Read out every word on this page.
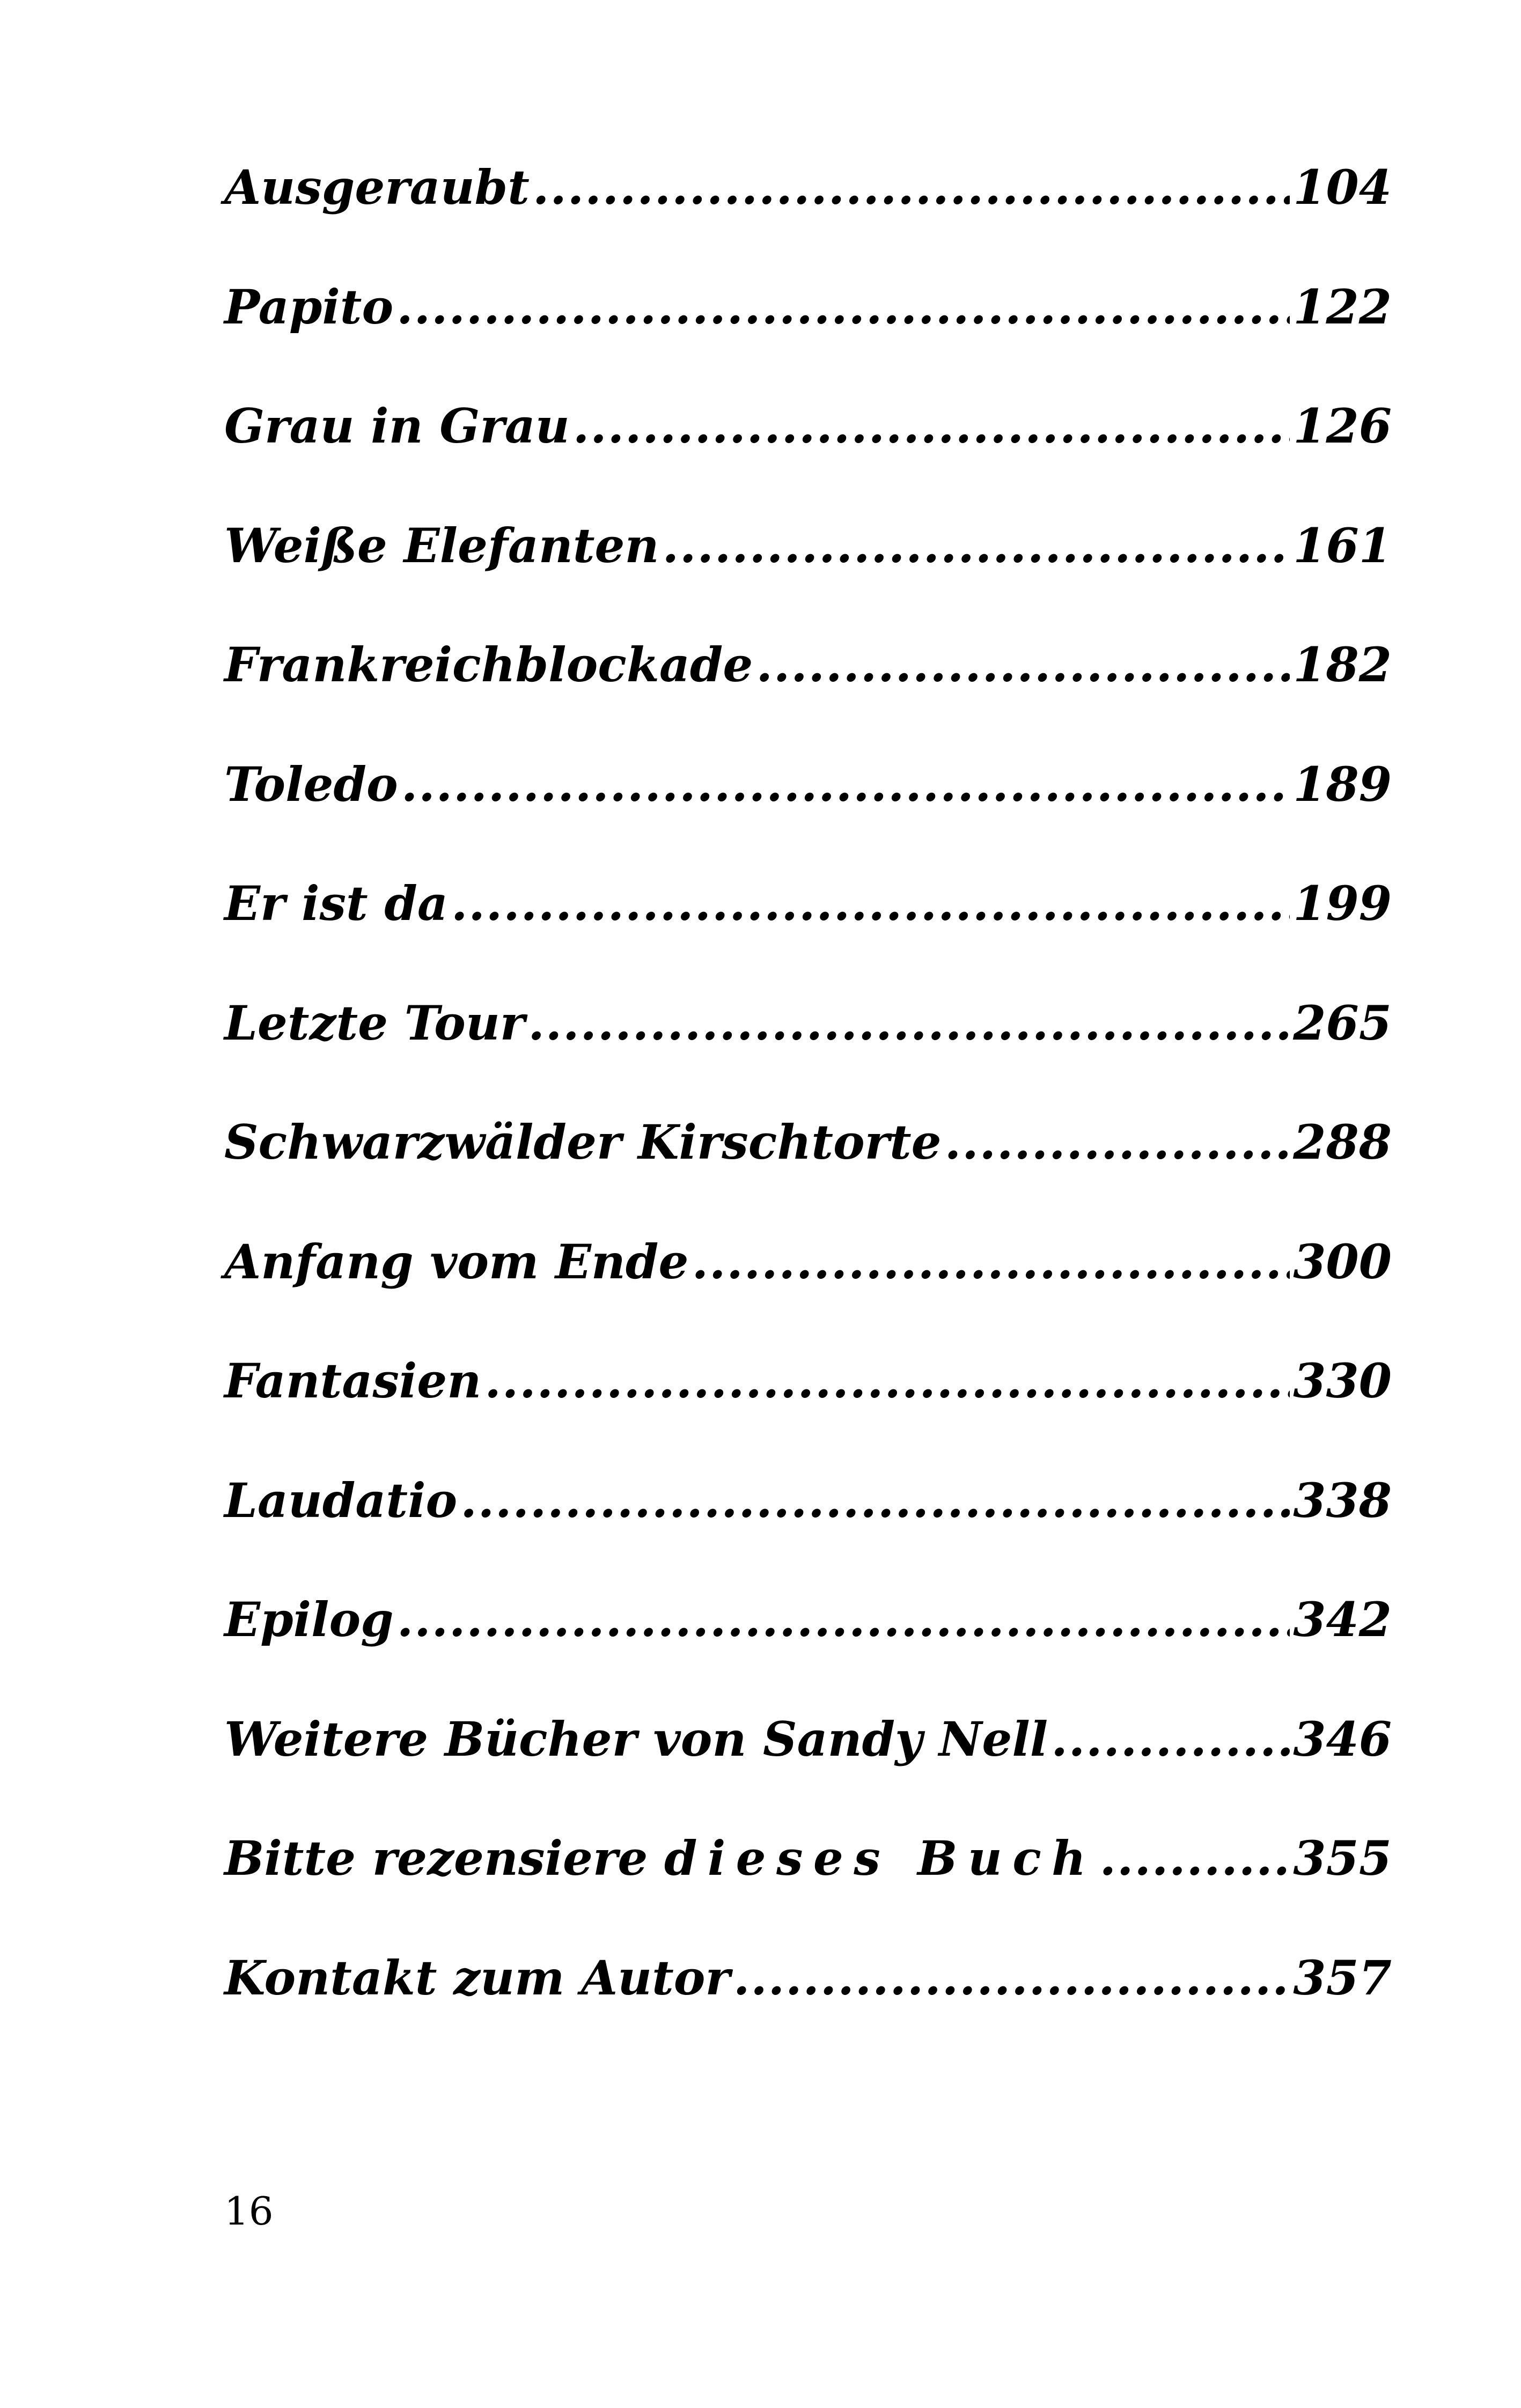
Ausgeraubt .....	104
Papito .....	122
Grau in Grau .....	126
Weiße Elefanten .....	161
Frankreichblockade .....	182
Toledo .....	189
Er ist da .....	199
Letzte Tour .....	265
Schwarzwälder Kirschtorte .....	288
Anfang vom Ende .....	300
Fantasien .....	330
Laudatio .....	338
Epilog .....	342
Weitere Bücher von Sandy Nell .....	346
Bitte rezensiere dieses Buch .....	355
Kontakt zum Autor .....	357
16
